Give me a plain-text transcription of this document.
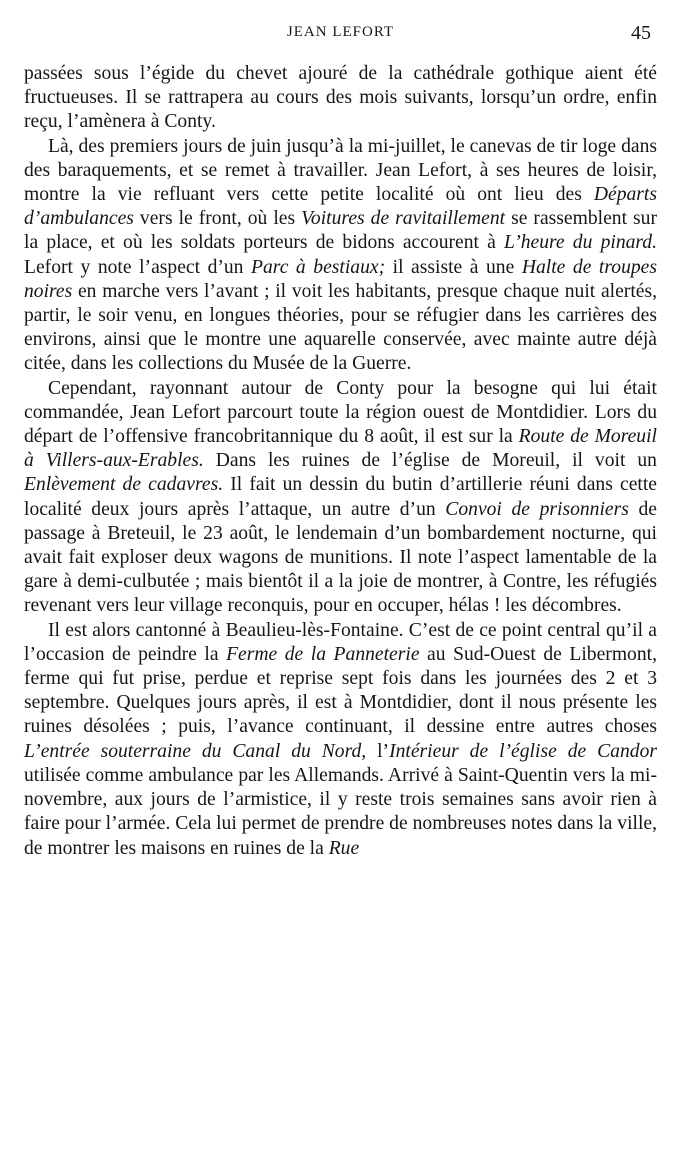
JEAN LEFORT	45

passées sous l’égide du chevet ajouré de la cathédrale gothique aient été fructueuses. Il se rattrapera au cours des mois suivants, lorsqu’un ordre, enfin reçu, l’amènera à Conty.

Là, des premiers jours de juin jusqu’à la mi-juillet, le canevas de tir loge dans des baraquements, et se remet à travailler. Jean Lefort, à ses heures de loisir, montre la vie refluant vers cette petite localité où ont lieu des Départs d’ambulances vers le front, où les Voitures de ravitaillement se rassemblent sur la place, et où les soldats porteurs de bidons accourent à L’heure du pinard. Lefort y note l’aspect d’un Parc à bestiaux; il assiste à une Halte de troupes noires en marche vers l’avant ; il voit les habitants, presque chaque nuit alertés, partir, le soir venu, en longues théories, pour se réfugier dans les carrières des environs, ainsi que le montre une aquarelle conservée, avec mainte autre déjà citée, dans les collections du Musée de la Guerre.

Cependant, rayonnant autour de Conty pour la besogne qui lui était commandée, Jean Lefort parcourt toute la région ouest de Montdidier. Lors du départ de l’offensive francobritannique du 8 août, il est sur la Route de Moreuil à Villers-aux-Erables. Dans les ruines de l’église de Moreuil, il voit un Enlèvement de cadavres. Il fait un dessin du butin d’artillerie réuni dans cette localité deux jours après l’attaque, un autre d’un Convoi de prisonniers de passage à Breteuil, le 23 août, le lendemain d’un bombardement nocturne, qui avait fait exploser deux wagons de munitions. Il note l’aspect lamentable de la gare à demi-culbutée ; mais bientôt il a la joie de montrer, à Contre, les réfugiés revenant vers leur village reconquis, pour en occuper, hélas ! les décombres.

Il est alors cantonné à Beaulieu-lès-Fontaine. C’est de ce point central qu’il a l’occasion de peindre la Ferme de la Panneterie au Sud-Ouest de Libermont, ferme qui fut prise, perdue et reprise sept fois dans les journées des 2 et 3 septembre. Quelques jours après, il est à Montdidier, dont il nous présente les ruines désolées ; puis, l’avance continuant, il dessine entre autres choses L’entrée souterraine du Canal du Nord, l’Intérieur de l’église de Candor utilisée comme ambulance par les Allemands. Arrivé à Saint-Quentin vers la mi-novembre, aux jours de l’armistice, il y reste trois semaines sans avoir rien à faire pour l’armée. Cela lui permet de prendre de nombreuses notes dans la ville, de montrer les maisons en ruines de la Rue
